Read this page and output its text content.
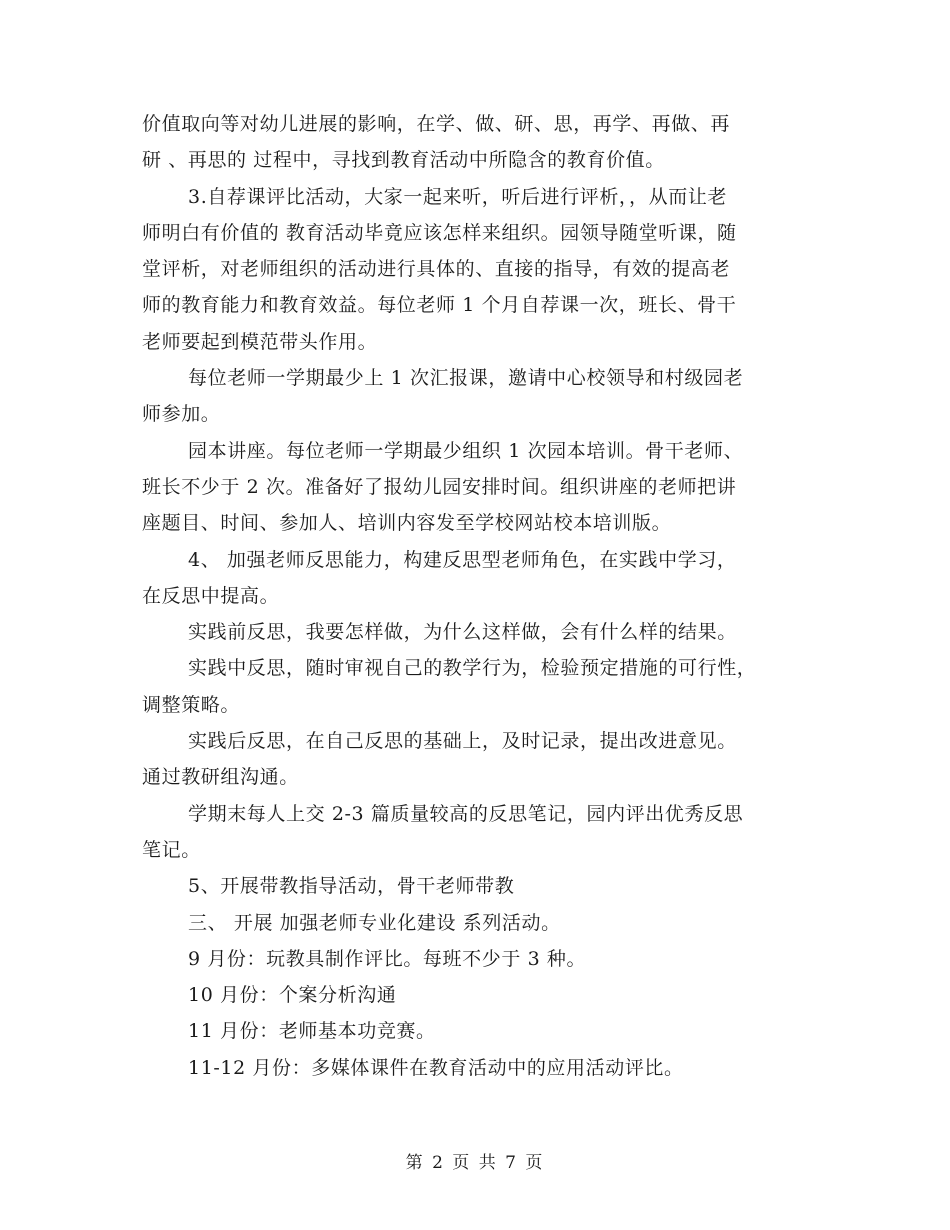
价值取向等对幼儿进展的影响，在学、做、研、思，再学、再做、再
研 、再思的 过程中，寻找到教育活动中所隐含的教育价值。
3.自荐课评比活动，大家一起来听，听后进行评析，，从而让老
师明白有价值的 教育活动毕竟应该怎样来组织。园领导随堂听课，随
堂评析，对老师组织的活动进行具体的、直接的指导，有效的提高老
师的教育能力和教育效益。每位老师 1 个月自荐课一次，班长、骨干
老师要起到模范带头作用。
每位老师一学期最少上 1 次汇报课，邀请中心校领导和村级园老
师参加。
园本讲座。每位老师一学期最少组织 1 次园本培训。骨干老师、
班长不少于 2 次。准备好了报幼儿园安排时间。组织讲座的老师把讲
座题目、时间、参加人、培训内容发至学校网站校本培训版。
4、 加强老师反思能力，构建反思型老师角色，在实践中学习，
在反思中提高。
实践前反思，我要怎样做，为什么这样做，会有什么样的结果。
实践中反思，随时审视自己的教学行为，检验预定措施的可行性，
调整策略。
实践后反思，在自己反思的基础上，及时记录，提出改进意见。
通过教研组沟通。
学期末每人上交 2-3 篇质量较高的反思笔记，园内评出优秀反思
笔记。
5、开展带教指导活动，骨干老师带教
三、 开展 加强老师专业化建设 系列活动。
9 月份：玩教具制作评比。每班不少于 3 种。
10 月份：个案分析沟通
11 月份：老师基本功竞赛。
11-12 月份：多媒体课件在教育活动中的应用活动评比。
第 2 页 共 7 页
